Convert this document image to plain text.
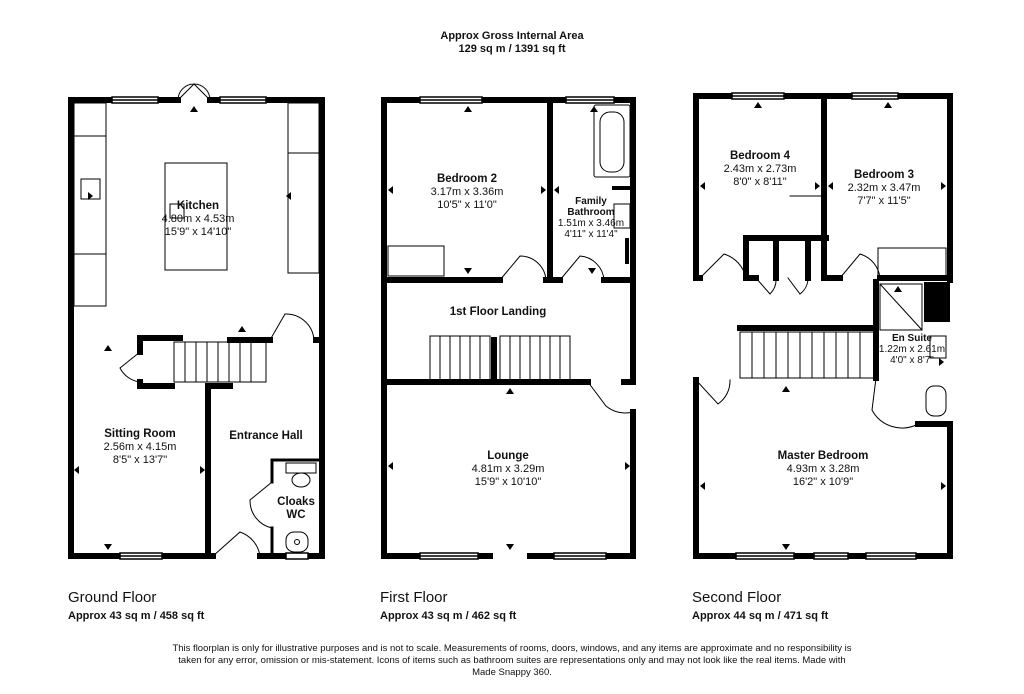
Approx Gross Internal Area
129 sq m / 1391 sq ft
Kitchen
4.80m x 4.53m
15'9" x 14'10"
Sitting Room
2.56m x 4.15m
8'5" x 13'7"
Entrance Hall
Cloaks
WC
Bedroom 2
3.17m x 3.36m
10'5" x 11'0"	Family
Bathroom
1.51m x 3.46m
4'11" x 11'4"
1st Floor Landing
Lounge
4.81m x 3.29m
15'9" x 10'10"
Bedroom 4
2.43m x 2.73m
8'0" x 8'11"
Bedroom 3
2.32m x 3.47m
7'7" x 11'5"
En Suite
1.22m x 2.61m
4'0" x 8'7"
Master Bedroom
4.93m x 3.28m
16'2" x 10'9"
Ground Floor
Approx 43 sq m / 458 sq ft
First Floor
Approx 43 sq m / 462 sq ft
Second Floor
Approx 44 sq m / 471 sq ft
This floorplan is only for illustrative purposes and is not to scale. Measurements of rooms, doors, windows, and any items are approximate and no responsibility is taken for any error, omission or mis-statement. Icons of items such as bathroom suites are representations only and may not look like the real items. Made with Made Snappy 360.
